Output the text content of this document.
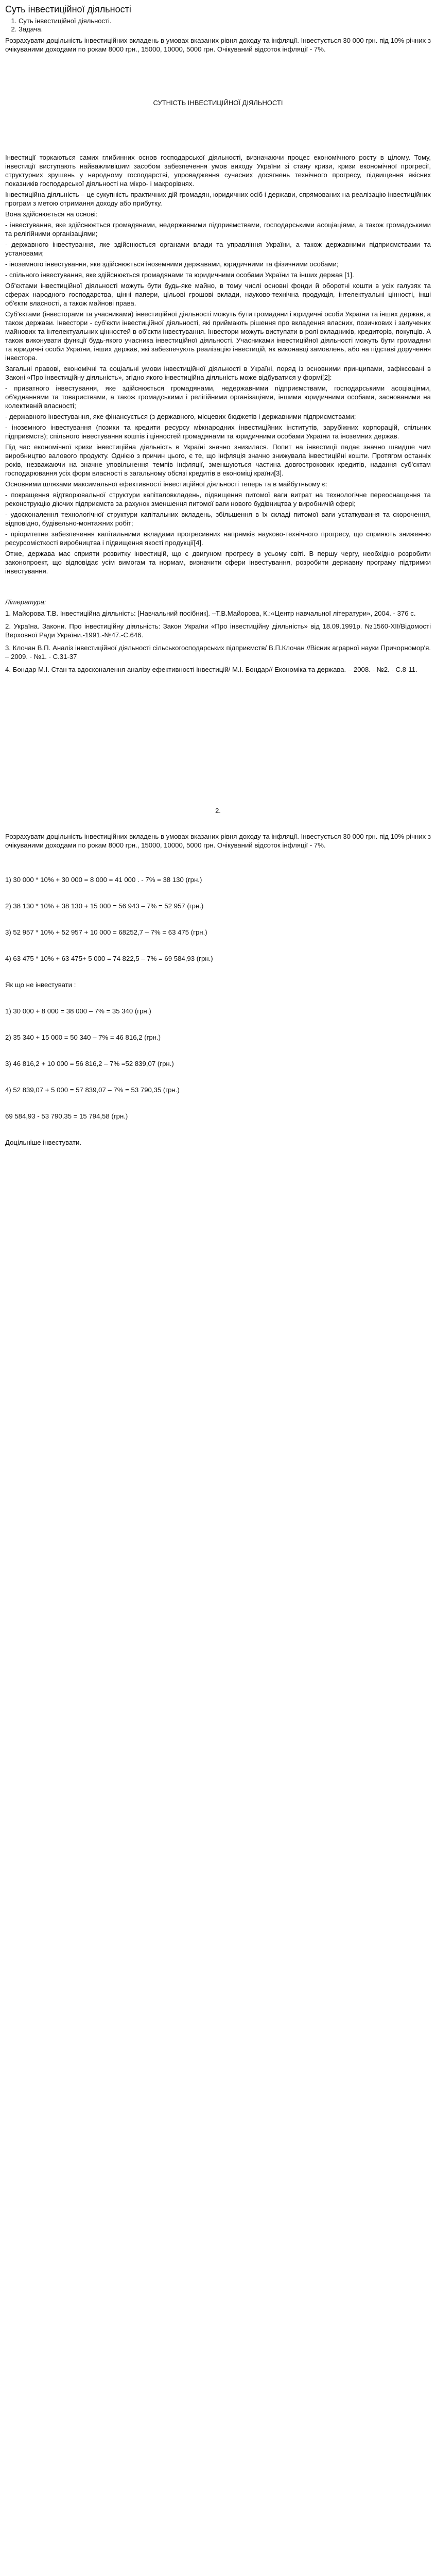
Суть інвестиційної діяльності
1. Суть інвестиційної діяльності.
2. Задача.

Розрахувати доцільність інвестиційних вкладень в умовах вказаних рівня доходу та інфляції. Інвестується 30 000 грн. під 10% річних з очікуваними доходами по рокам 8000 грн., 15000, 10000, 5000 грн. Очікуваний відсоток інфляції - 7%.

СУТНІСТЬ ІНВЕСТИЦІЙНОЇ ДІЯЛЬНОСТІ

Інвестиції торкаються самих глибинних основ господарської діяльності, визначаючи процес економічного росту в цілому. Тому, інвестиції виступають найважливішим засобом забезпечення умов виходу України зі стану кризи, кризи економічної прогресії, структурних зрушень у народному господарстві, упровадження сучасних досягнень технічного прогресу, підвищення якісних показників господарської діяльності на мікро- і макрорівнях.

Інвестиційна діяльність – це сукупність практичних дій громадян, юридичних осіб і держави, спрямованих на реалізацію інвестиційних програм з метою отримання доходу або прибутку.

Вона здійснюється на основі:

- інвестування, яке здійснюється громадянами, недержавними підприємствами, господарськими асоціаціями, а також громадськими та релігійними організаціями;

- державного інвестування, яке здійснюється органами влади та управління України, а також державними підприємствами та установами;

- іноземного інвестування, яке здійснюється іноземними державами, юридичними та фізичними особами;

- спільного інвестування, яке здійснюється громадянами та юридичними особами України та інших держав [1].

Об'єктами інвестиційної діяльності можуть бути будь-яке майно, в тому числі основні фонди й оборотні кошти в усіх галузях та сферах народного господарства, цінні папери, цільові грошові вклади, науково-технічна продукція, інтелектуальні цінності, інші об'єкти власності, а також майнові права.

Суб'єктами (інвесторами та учасниками) інвестиційної діяльності можуть бути громадяни і юридичні особи України та інших держав, а також держави. Інвестори - суб'єкти інвестиційної діяльності, які приймають рішення про вкладення власних, позичкових і залучених майнових та інтелектуальних цінностей в об'єкти інвестування. Інвестори можуть виступати в ролі вкладників, кредиторів, покупців. А також виконувати функції будь-якого учасника інвестиційної діяльності. Учасниками інвестиційної діяльності можуть бути громадяни та юридичні особи України, інших держав, які забезпечують реалізацію інвестицій, як виконавці замовлень, або на підставі доручення інвестора.

Загальні правові, економічні та соціальні умови інвестиційної діяльності в Україні, поряд із основними принципами, зафіксовані в Законі «Про інвестиційну діяльність», згідно якого інвестиційна діяльність може відбуватися у формі[2]:

- приватного інвестування, яке здійснюється громадянами, недержавними підприємствами, господарськими асоціаціями, об'єднаннями та товариствами, а також громадськими і релігійними організаціями, іншими юридичними особами, заснованими на колективній власності;

- державного інвестування, яке фінансується (з державного, місцевих бюджетів і державними підприємствами;

- іноземного інвестування (позики та кредити ресурсу міжнародних інвестиційних інститутів, зарубіжних корпорацій, спільних підприємств); спільного інвестування коштів і цінностей громадянами та юридичними особами України та іноземних держав.

Під час економічної кризи інвестиційна діяльність в Україні значно знизилася. Попит на інвестиції падає значно швидше чим виробництво валового продукту. Однією з причин цього, є те, що інфляція значно знижувала інвестиційні кошти. Протягом останніх років, незважаючи на значне уповільнення темпів інфляції, зменшуються частина довгострокових кредитів, надання суб'єктам господарювання усіх форм власності в загальному обсязі кредитів в економіці країни[3].

Основними шляхами максимальної ефективності інвестиційної діяльності теперь та в майбутньому є:

- покращення відтворювальної структури капіталовкладень, підвищення питомої ваги витрат на технологічне переоснащення та реконструкцію діючих підприємств за рахунок зменшення питомої ваги нового будівництва у виробничій сфері;

- удосконалення технологічної структури капітальних вкладень, збільшення в їх складі питомої ваги устаткування та скорочення, відповідно, будівельно-монтажних робіт;

- пріоритетне забезпечення капітальними вкладами прогресивних напрямків науково-технічного прогресу, що сприяють зниженню ресурсомісткості виробництва і підвищення якості продукції[4].

Отже, держава має сприяти розвитку інвестицій, що є двигуном прогресу в усьому світі. В першу чергу, необхідно розробити законопроект, що відповідає усім вимогам та нормам, визначити сфери інвестування, розробити державну програму підтримки інвестування.

Література:

1. Майорова Т.В. Інвестиційна діяльність: [Навчальний посібник]. –Т.В.Майорова, К.:«Центр навчальної літератури», 2004. - 376 с.

2. Україна. Закони. Про інвестиційну діяльність: Закон України «Про інвестиційну діяльність» від 18.09.1991р. №1560-XII/Відомості Верховної Ради України.-1991.-№47.-С.646.

3. Клочан В.П. Аналіз інвестиційної діяльності сільськогосподарських підприємств/ В.П.Клочан //Вісник аграрної науки Причорномор'я. – 2009. - №1. - С.31-37

4. Бондар М.І. Стан та вдосконалення аналізу ефективності інвестицій/ М.І. Бондар// Економіка та держава. – 2008. - №2. - С.8-11.

2.

Розрахувати доцільність інвестиційних вкладень в умовах вказаних рівня доходу та інфляції. Інвестується 30 000 грн. під 10% річних з очікуваними доходами по рокам 8000 грн., 15000, 10000, 5000 грн. Очікуваний відсоток інфляції - 7%.

1) 30 000 * 10% + 30 000 = 8 000 = 41 000 . - 7% = 38 130 (грн.)

2) 38 130 * 10% + 38 130 + 15 000 = 56 943 – 7% = 52 957 (грн.)

3) 52 957 * 10% + 52 957 + 10 000 = 68252,7 – 7% = 63 475 (грн.)

4) 63 475 * 10% + 63 475+ 5 000 = 74 822,5 – 7% = 69 584,93 (грн.)

Як що не інвестувати :

1) 30 000 + 8 000 = 38 000 – 7% = 35 340 (грн.)

2) 35 340 + 15 000 = 50 340 – 7% = 46 816,2 (грн.)

3) 46 816,2 + 10 000 = 56 816,2 – 7% =52 839,07 (грн.)

4) 52 839,07 + 5 000 = 57 839,07 – 7% = 53 790,35 (грн.)

69 584,93 - 53 790,35 = 15 794,58 (грн.)

Доцільніше інвестувати.
